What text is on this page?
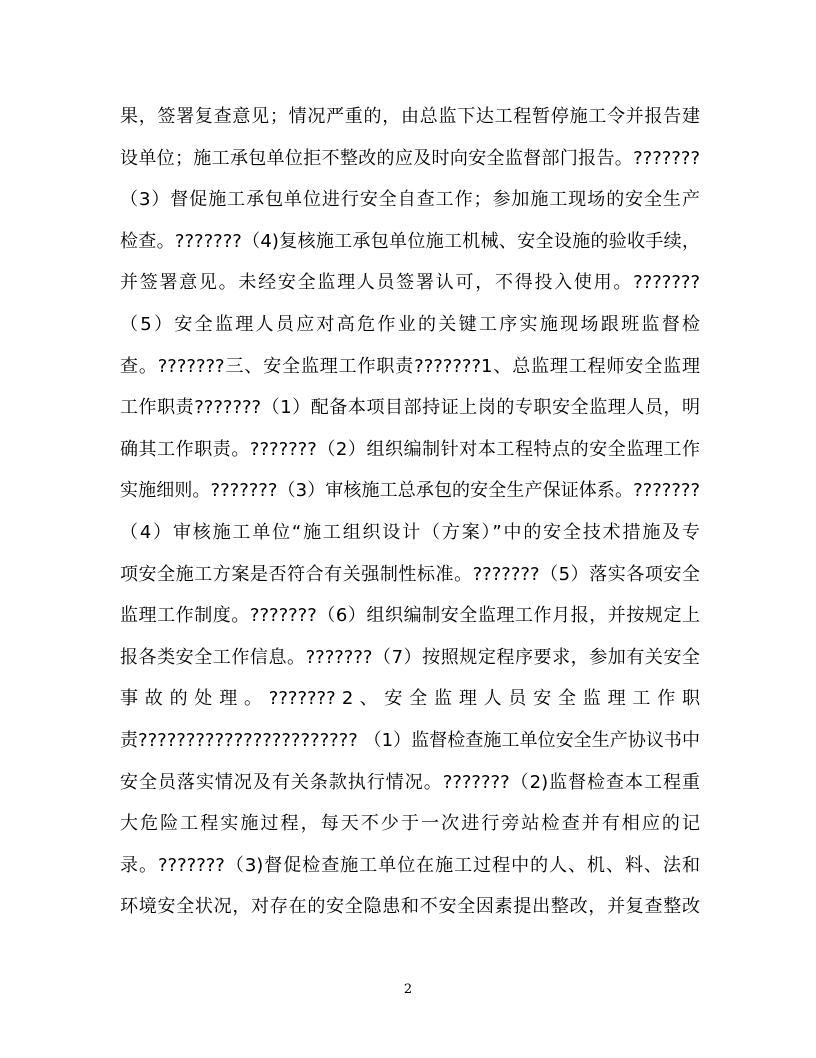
果，签署复查意见；情况严重的，由总监下达工程暂停施工令并报告建
设单位；施工承包单位拒不整改的应及时向安全监督部门报告。???????
（3）督促施工承包单位进行安全自查工作；参加施工现场的安全生产
检查。???????（4)复核施工承包单位施工机械、安全设施的验收手续，
并签署意见。未经安全监理人员签署认可，不得投入使用。???????
（5）安全监理人员应对高危作业的关键工序实施现场跟班监督检
查。???????三、安全监理工作职责???????1、总监理工程师安全监理
工作职责???????（1）配备本项目部持证上岗的专职安全监理人员，明
确其工作职责。???????（2）组织编制针对本工程特点的安全监理工作
实施细则。???????（3）审核施工总承包的安全生产保证体系。???????
（4）审核施工单位“施工组织设计（方案）”中的安全技术措施及专
项安全施工方案是否符合有关强制性标准。???????（5）落实各项安全
监理工作制度。???????（6）组织编制安全监理工作月报，并按规定上
报各类安全工作信息。???????（7）按照规定程序要求，参加有关安全
事 故 的 处 理 。 ??????? 2 、 安 全 监 理 人 员 安 全 监 理 工 作 职
责??????????????????????? （1）监督检查施工单位安全生产协议书中
安全员落实情况及有关条款执行情况。???????（2)监督检查本工程重
大危险工程实施过程，每天不少于一次进行旁站检查并有相应的记
录。???????（3)督促检查施工单位在施工过程中的人、机、料、法和
环境安全状况，对存在的安全隐患和不安全因素提出整改，并复查整改
2
